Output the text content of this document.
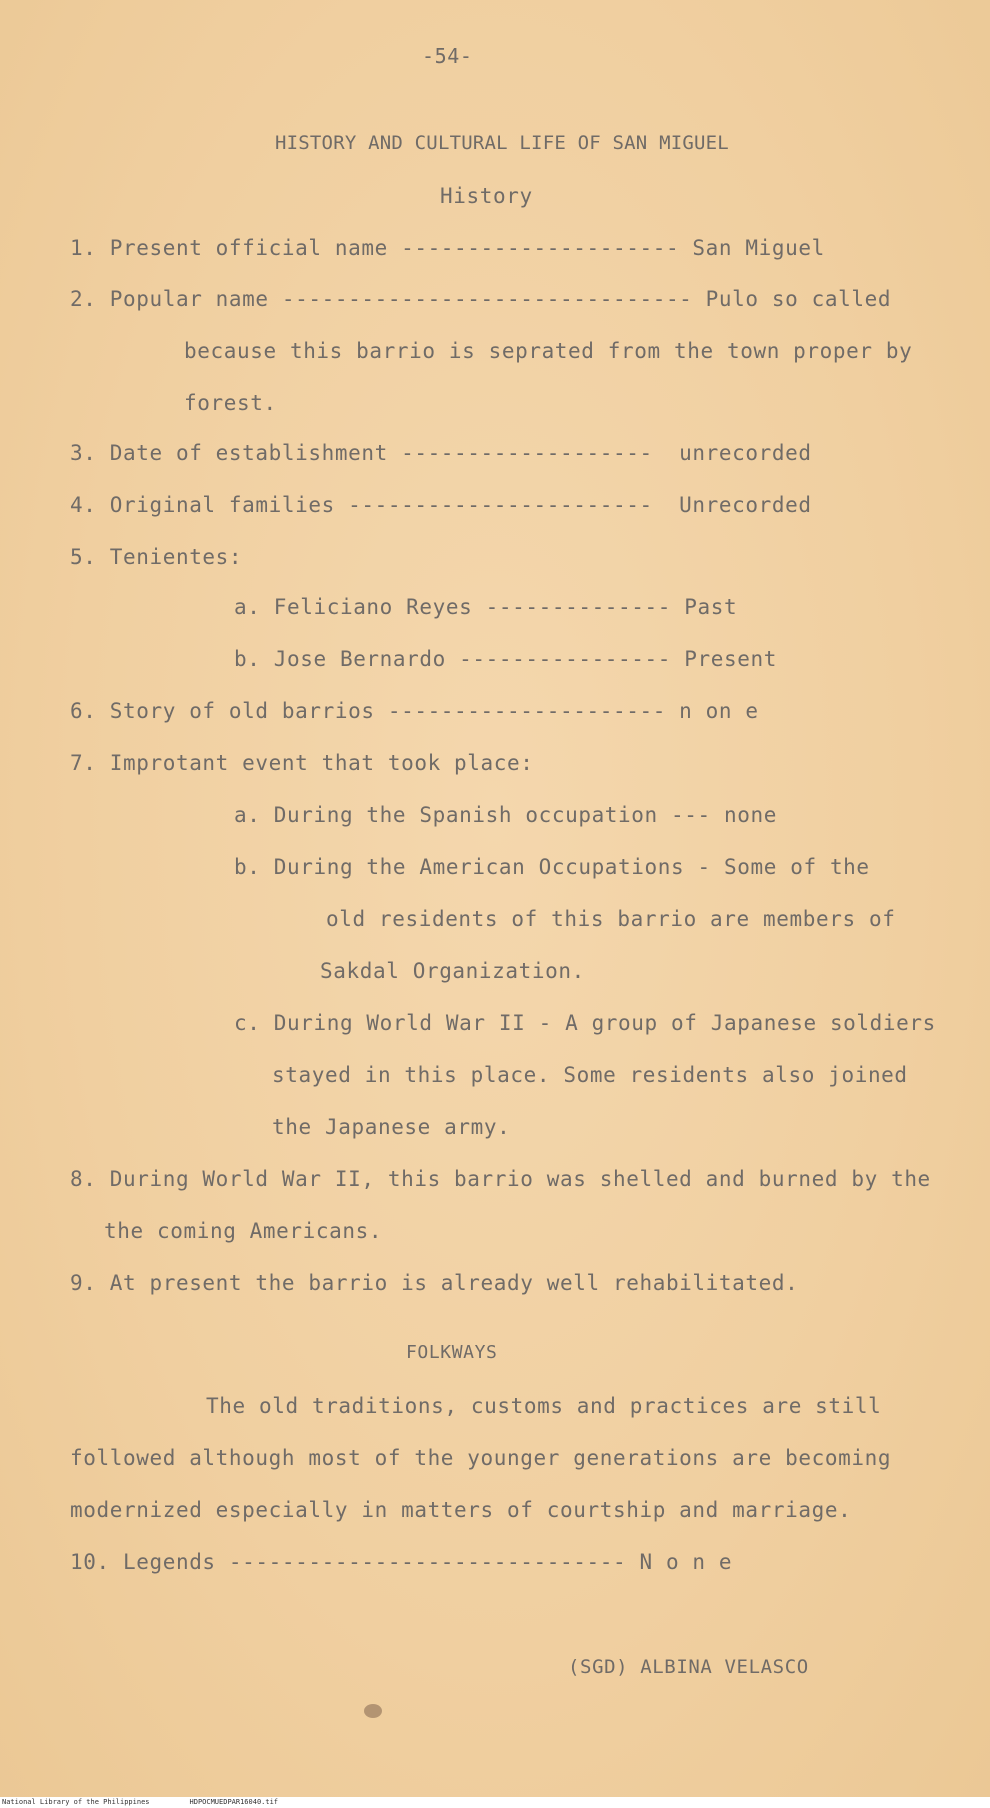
-54-
HISTORY AND CULTURAL LIFE OF SAN MIGUEL
History
1. Present official name --------------------- San Miguel
2. Popular name ------------------------------- Pulo so called
because this barrio is seprated from the town proper by
forest.
3. Date of establishment -------------------  unrecorded
4. Original families -----------------------  Unrecorded
5. Tenientes:
a. Feliciano Reyes -------------- Past
b. Jose Bernardo ---------------- Present
6. Story of old barrios --------------------- n on e
7. Improtant event that took place:
a. During the Spanish occupation --- none
b. During the American Occupations - Some of the
old residents of this barrio are members of
Sakdal Organization.
c. During World War II - A group of Japanese soldiers
stayed in this place. Some residents also joined
the Japanese army.
8. During World War II, this barrio was shelled and burned by the
the coming Americans.
9. At present the barrio is already well rehabilitated.
FOLKWAYS
The old traditions, customs and practices are still
followed although most of the younger generations are becoming
modernized especially in matters of courtship and marriage.
10. Legends ------------------------------ N o n e
(SGD) ALBINA VELASCO
National Library of the Philippines	HDPOCMUEDPAR16040.tif
